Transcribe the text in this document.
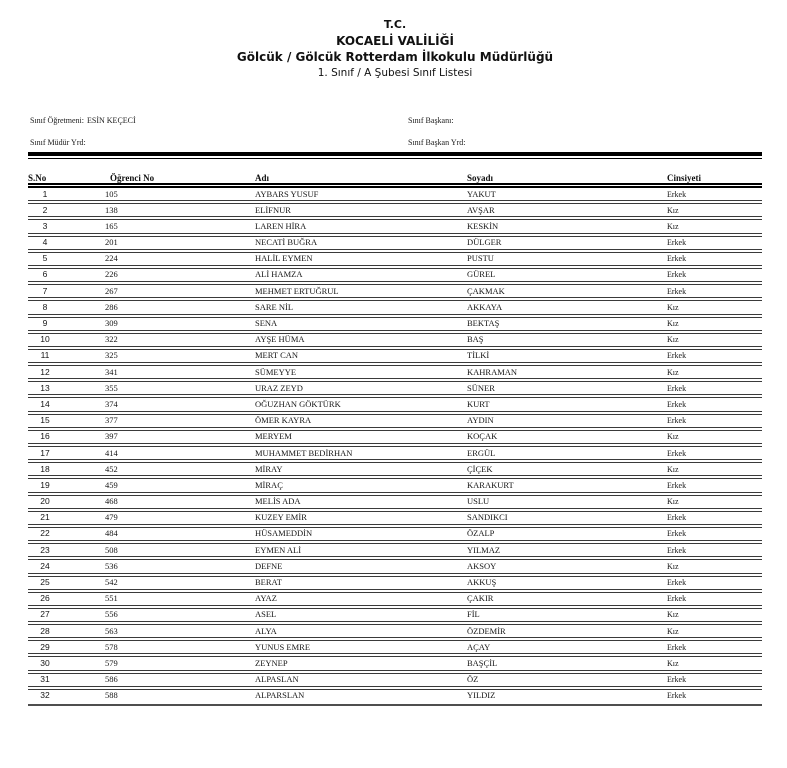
T.C.
KOCAELİ VALİLİĞİ
Gölcük / Gölcük Rotterdam İlkokulu Müdürlüğü
1. Sınıf / A Şubesi Sınıf Listesi
Sınıf Öğretmeni: ESİN KEÇECİ
Sınıf Müdür Yrd:
Sınıf Başkanı:
Sınıf Başkan Yrd:
S.No	Öğrenci No	Adı	Soyadı	Cinsiyeti
1	105	AYBARS YUSUF	YAKUT	Erkek
2	138	ELİFNUR	AVŞAR	Kız
3	165	LAREN HİRA	KESKİN	Kız
4	201	NECATİ BUĞRA	DÜLGER	Erkek
5	224	HALİL EYMEN	PUSTU	Erkek
6	226	ALİ HAMZA	GÜREL	Erkek
7	267	MEHMET ERTUĞRUL	ÇAKMAK	Erkek
8	286	SARE NİL	AKKAYA	Kız
9	309	SENA	BEKTAŞ	Kız
10	322	AYŞE HÜMA	BAŞ	Kız
11	325	MERT CAN	TİLKİ	Erkek
12	341	SÜMEYYE	KAHRAMAN	Kız
13	355	URAZ ZEYD	SÜNER	Erkek
14	374	OĞUZHAN GÖKTÜRK	KURT	Erkek
15	377	ÖMER KAYRA	AYDIN	Erkek
16	397	MERYEM	KOÇAK	Kız
17	414	MUHAMMET BEDİRHAN	ERGÜL	Erkek
18	452	MİRAY	ÇİÇEK	Kız
19	459	MİRAÇ	KARAKURT	Erkek
20	468	MELİS ADA	USLU	Kız
21	479	KUZEY EMİR	SANDIKCI	Erkek
22	484	HÜSAMEDDİN	ÖZALP	Erkek
23	508	EYMEN ALİ	YILMAZ	Erkek
24	536	DEFNE	AKSOY	Kız
25	542	BERAT	AKKUŞ	Erkek
26	551	AYAZ	ÇAKIR	Erkek
27	556	ASEL	FİL	Kız
28	563	ALYA	ÖZDEMİR	Kız
29	578	YUNUS EMRE	AÇAY	Erkek
30	579	ZEYNEP	BAŞÇİL	Kız
31	586	ALPASLAN	ÖZ	Erkek
32	588	ALPARSLAN	YILDIZ	Erkek
